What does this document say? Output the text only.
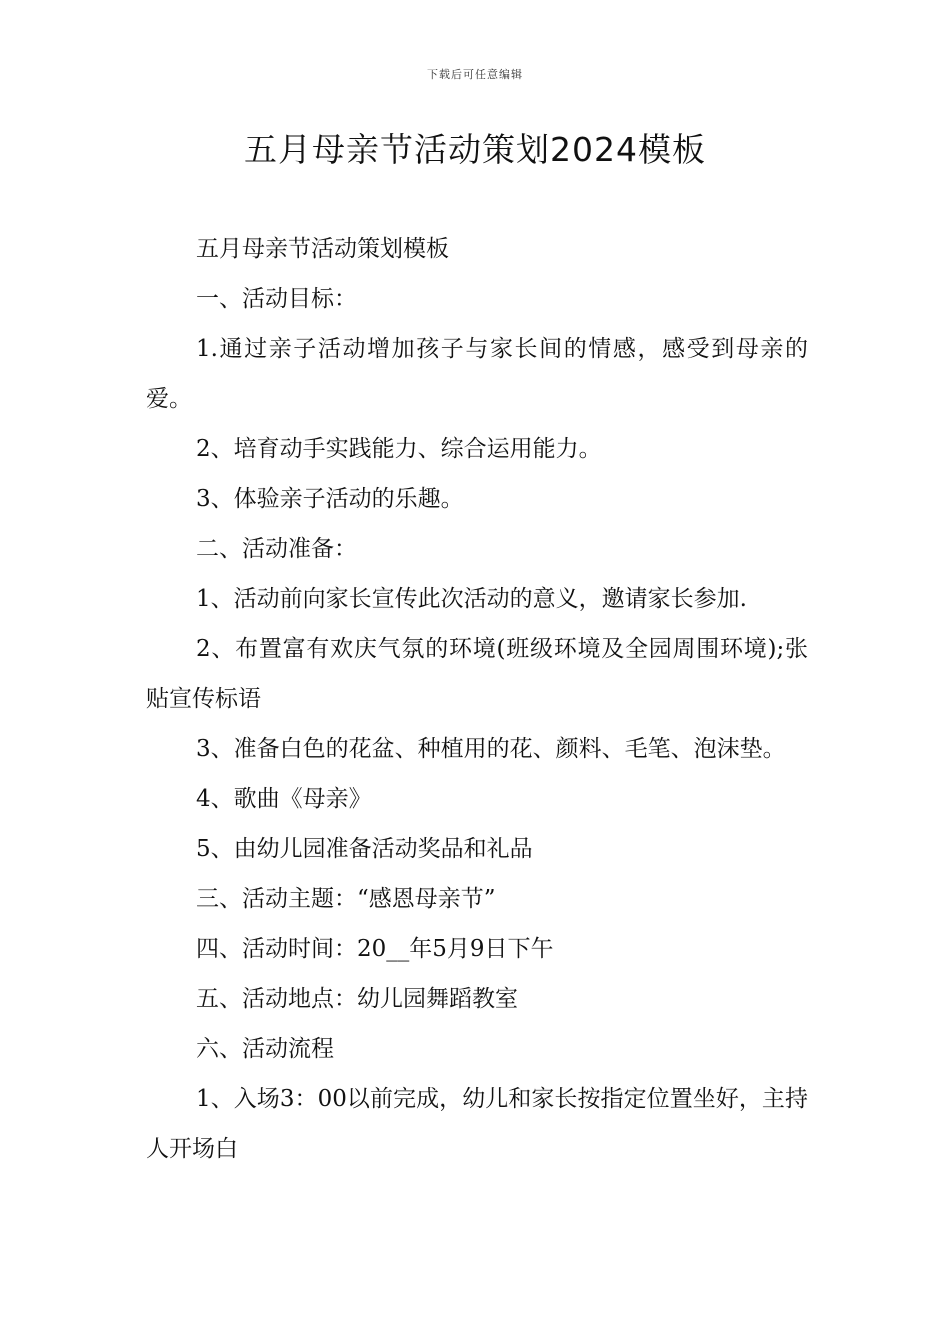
下载后可任意编辑
五月母亲节活动策划2024模板

五月母亲节活动策划模板

一、活动目标：

1.通过亲子活动增加孩子与家长间的情感，感受到母亲的爱。

2、培育动手实践能力、综合运用能力。

3、体验亲子活动的乐趣。

二、活动准备：

1、活动前向家长宣传此次活动的意义，邀请家长参加.

2、布置富有欢庆气氛的环境(班级环境及全园周围环境);张贴宣传标语

3、准备白色的花盆、种植用的花、颜料、毛笔、泡沫垫。

4、歌曲《母亲》

5、由幼儿园准备活动奖品和礼品

三、活动主题：“感恩母亲节”

四、活动时间：20__年5月9日下午

五、活动地点：幼儿园舞蹈教室

六、活动流程

1、入场3：00以前完成，幼儿和家长按指定位置坐好，主持人开场白
